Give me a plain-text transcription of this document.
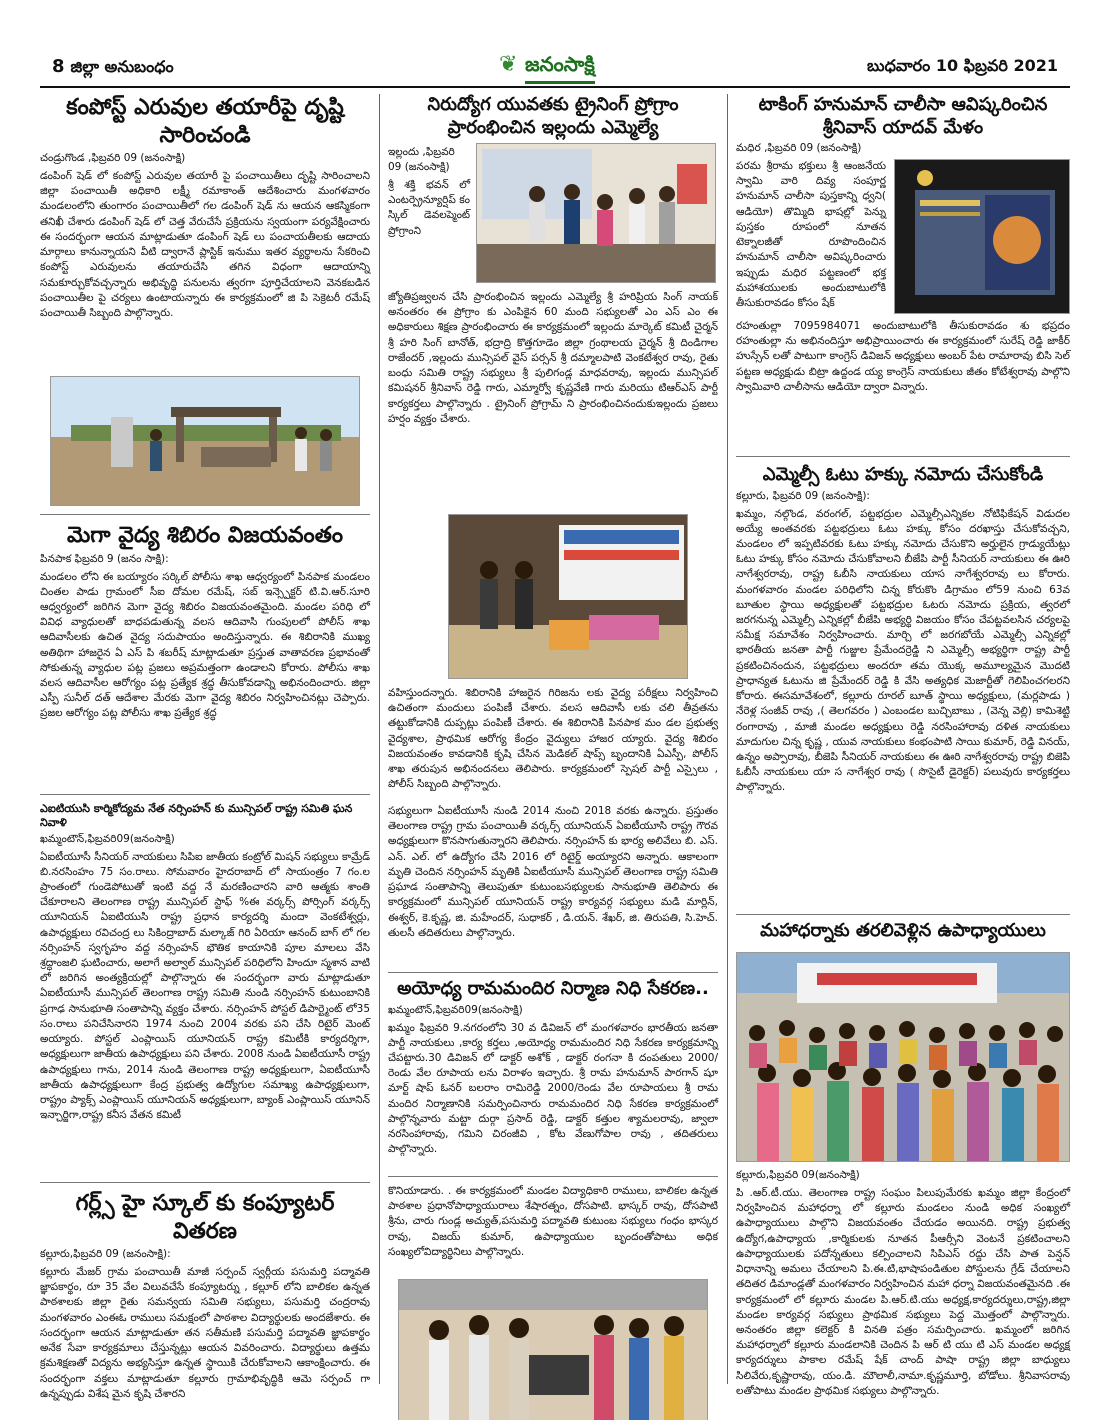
8 జిల్లా అనుబంధం	❦ జనంసాక్షి	బుధవారం 10 ఫిబ్రవరి 2021
కంపోస్ట్ ఎరువుల తయారీపై దృష్టి సారించండి
చండ్రుగొండ ,ఫిబ్రవరి 09 (జనంసాక్షి)
డంపింగ్ షెడ్ లో కంపోస్ట్ ఎరువుల తయారీ పై పంచాయితీలు దృష్టి సారించాలని జిల్లా పంచాయితీ అధికారి లక్ష్మీ రమాకాంత్ ఆదేశించారు మంగళవారం మండలంలోని తుంగారం పంచాయితీలో గల డంపింగ్ షెడ్ ను ఆయన ఆకస్మికంగా తనిఖీ చేశారు డంపింగ్ షెడ్ లో చెత్త వేరుచేసే ప్రక్రియను స్వయంగా పర్యవేక్షించారు ఈ సందర్భంగా ఆయన మాట్లాడుతూ డంపింగ్ షెడ్ లు పంచాయతీలకు ఆదాయ మార్గాలు కానున్నాయని వీటి ద్వారానే ప్లాస్టిక్ ఇనుము ఇతర వ్యర్థాలను సేకరించి కంపోస్ట్ ఎరువులను తయారుచేసి తగిన విధంగా ఆదాయాన్ని సమకూర్చుకోవచ్చన్నారు అభివృద్ధి పనులను త్వరగా పూర్తిచేయాలని వెనకబడిన పంచాయితీల పై చర్యలు ఉంటాయన్నారు ఈ కార్యక్రమంలో జి పి సెక్రెటరీ రమేష్ పంచాయితీ సిబ్బంది పాల్గొన్నారు.
మెగా వైద్య శిబిరం విజయవంతం
పినపాక ఫిబ్రవరి 9 (జనం సాక్షి):
మండలం లోని ఈ బయ్యారం సర్కిల్ పోలీసు శాఖ ఆధ్వర్యంలో పినపాక మండలం చింతల పాడు గ్రామంలో సీఐ దోమల రమేష్, సబ్ ఇన్స్పెక్టర్ టి.వి.ఆర్.సూరి ఆధ్వర్యంలో జరిగిన మెగా వైద్య శిబిరం విజయవంతమైంది. మండల పరిధి లో వివిధ వ్యాధులతో బాధపడుతున్న వలస ఆదివాసి గుంపులలో పోలీస్ శాఖ ఆదివాసీలకు ఉచిత వైద్య సదుపాయం అందిస్తున్నారు. ఈ శిబిరానికి ముఖ్య అతిథిగా హాజరైన ఏ ఎస్ పి శబరీష్ మాట్లాడుతూ ప్రస్తుత వాతావరణ ప్రభావంతో సోకుతున్న వ్యాధుల పట్ల ప్రజలు అప్రమత్తంగా ఉండాలని కోరారు. పోలీసు శాఖ వలస ఆదివాసీల ఆరోగ్యం పట్ల ప్రత్యేక శ్రద్ధ తీసుకోవడాన్ని అభినందించారు. జిల్లా ఎస్పీ సునీల్ దత్ ఆదేశాల మేరకు మెగా వైద్య శిబిరం నిర్వహించినట్లు చెప్పారు. ప్రజల ఆరోగ్యం పట్ల పోలీసు శాఖ ప్రత్యేక శ్రద్ధ
ఎఐటియుసి కార్మికోద్యమ నేత నర్సింహన్ కు మున్సిపల్ రాష్ట్ర సమితి ఘన నివాళి
ఖమ్మంటౌన్,ఫిబ్రవరి09(జనంసాక్షి)
ఏఐటీయూసీ సీనియర్ నాయకులు సిపిఐ జాతీయ కంట్రోల్ మిషన్ సభ్యులు కామ్రేడ్ బి.నరసింహం 75 సం.రాలు. సోమవారం హైదరాబాద్ లో సాయంత్రం 7 గం.ల ప్రాంతంలో గుండెపోటుతో ఇంటి వద్ద నే మరణించారని వారి ఆత్మకు శాంతి చేకూరాలని తెలంగాణ రాష్ట్ర మున్సిపల్ స్టాఫ్ %ఈ వర్కర్స్ పోర్సింగ్ వర్కర్స్ యూనియన్ ఏఐటియుసి రాష్ట్ర ప్రధాన కార్యదర్శి మందా వెంకటేశ్వర్లు, ఉపాధ్యక్షులు రవిచంద్ర లు సికింద్రాబాద్ మల్కాజ్ గిరి ఏరియా ఆనంద్ బాగ్ లో గల నర్సింహన్ స్వగృహం వద్ద నర్సింహన్ భౌతిక కాయానికి పూల మాలలు వేసి శ్రద్ధాంజలి ఘటించారు, అలాగే అల్వాల్ మున్సిపల్ పరిధిలోని హిందూ స్మశాన వాటి లో జరిగిన అంత్యక్రియల్లో పాల్గొన్నారు ఈ సందర్భంగా వారు మాట్లాడుతూ ఏఐటీయూసీ మున్సిపల్ తెలంగాణ రాష్ట్ర సమితి నుండి నర్సింహన్ కుటుంబానికి ప్రగాఢ సానుభూతి సంతాపాన్ని వ్యక్తం చేశారు. నర్సింహన్ పోస్టల్ డిపార్ట్మెంట్ లో35 సం.రాలు పనిచేసినారని 1974 నుంచి 2004 వరకు పని చేసి రిటైర్ మెంట్ అయ్యారు. పోస్టల్ ఎంప్లాయిస్ యూనియన్ రాష్ట్ర కమిటీకి కార్యదర్శిగా, అధ్యక్షులుగా జాతీయ ఉపాధ్యక్షులు పని చేశారు. 2008 నుండి ఏఐటీయూసీ రాష్ట్ర ఉపాధ్యక్షులు గాను, 2014 నుండి తెలంగాణ రాష్ట్ర అధ్యక్షులుగా, ఏఐటీయూసీ జాతీయ ఉపాధ్యక్షులుగా కేంద్ర ప్రభుత్వ ఉద్యోగుల సమాఖ్య ఉపాధ్యక్షులుగా, రాష్ట్రం ప్యాక్స్ ఎంప్లాయిస్ యూనియన్ అధ్యక్షులుగా, బ్యాంక్ ఎంప్లాయిస్ యూనిన్ ఇన్చార్జిగా,రాష్ట్ర కనీస వేతన కమిటీ
గర్ల్స్ హై స్కూల్ కు కంప్యూటర్ వితరణ
కల్లూరు,ఫిబ్రవరి 09 (జనంసాక్షి):
కల్లూరు మేజర్ గ్రామ పంచాయితీ మాజీ సర్పంచ్ స్వర్గీయ పసుమర్తి పద్మావతి జ్ఞాపకార్థం, రూ 35 వేల విలువచేసే కంప్యూటర్ను , కల్లూర్ లోని బాలికల ఉన్నత పాఠశాలకు జిల్లా రైతు సమన్వయ సమితి సభ్యులు, పసుమర్తి చంద్రరావు మంగళవారం ఎంఈఓ రాములు సమక్షంలో పాఠశాల విద్యార్థులకు అందజేశారు. ఈ సందర్భంగా ఆయన మాట్లాడుతూ తన సతీమణి పసుమర్తి పద్మావతి జ్ఞాపకార్థం అనేక సేవా కార్యక్రమాలు చేస్తున్నట్లు ఆయన వివరించారు. విద్యార్థులు ఉత్తమ క్రమశిక్షణతో విద్యను అభ్యసిస్తూ ఉన్నత స్థాయికి చేరుకోవాలని ఆకాంక్షించారు. ఈ సందర్భంగా వక్తలు మాట్లాడుతూ కల్లూరు గ్రామాభివృద్ధికి ఆమె సర్పంచ్ గా ఉన్నప్పుడు విశేష మైన కృషి చేశారని
నిరుద్యోగ యువతకు ట్రైనింగ్ ప్రోగ్రాం ప్రారంభించిన ఇల్లందు ఎమ్మెల్యే
ఇల్లందు ,ఫిబ్రవరి 09 (జనంసాక్షి)
శ్రీ శక్తి భవన్ లో ఎంటర్ప్రెన్యూర్షిప్ కం స్కిల్ డెవలప్మెంట్ ప్రోగ్రాంని
జ్యోతిప్రజ్వలన చేసి ప్రారంభించిన ఇల్లందు ఎమ్మెల్యే శ్రీ హరిప్రియ సింగ్ నాయక్ అనంతరం ఈ ప్రోగ్రాం కు ఎంపికైన 60 మంది సభ్యులతో ఎం ఎస్ ఎం ఈ అధికారులు శిక్షణ ప్రారంభించారు ఈ కార్యక్రమంలో ఇల్లందు మార్కెట్ కమిటీ చైర్మన్ శ్రీ హరి సింగ్ బానోత్, భద్రాద్రి కొత్తగూడెం జిల్లా గ్రంథాలయ చైర్మన్ శ్రీ దిండిగాల రాజేందర్ ,ఇల్లందు మున్సిపల్ వైస్ పర్సన్ శ్రీ దమ్మాలపాటి వెంకటేశ్వర రావు, రైతు బంధు సమితి రాష్ట్ర సభ్యులు శ్రీ పులిగండ్ల మాధవరావు, ఇల్లందు మున్సిపల్ కమిషనర్ శ్రీనివాస్ రెడ్డి గారు, ఎమ్మార్వో కృష్ణవేణి గారు మరియు టిఆర్ఎస్ పార్టీ కార్యకర్తలు పాల్గొన్నారు . ట్రైనింగ్ ప్రోగ్రామ్ ని ప్రారంభించినందుకుఇల్లందు ప్రజలు హర్షం వ్యక్తం చేశారు.
వహిస్తుందన్నారు. శిబిరానికి హాజరైన గిరిజను లకు వైద్య పరీక్షలు నిర్వహించి ఉచితంగా మందులు పంపిణీ చేశారు. వలస ఆదివాసీ లకు చలి తీవ్రతను తట్టుకోడానికి దుప్పట్లు పంపిణీ చేశారు. ఈ శిబిరానికి పినపాక మం డల ప్రభుత్వ వైద్యశాల, ప్రాథమిక ఆరోగ్య కేంద్రం వైద్యులు హాజర య్యారు. వైద్య శిబిరం విజయవంతం కావడానికి కృషి చేసిన మెడికల్ షాప్స్ బృందానికి ఏఎస్పీ, పోలీస్ శాఖ తరుపున అభినందనలు తెలిపారు. కార్యక్రమంలో స్పెషల్ పార్టీ ఎస్సైలు , పోలీస్ సిబ్బంది పాల్గొన్నారు.
సభ్యులుగా ఏఐటీయూసీ నుండి 2014 నుంచి 2018 వరకు ఉన్నారు. ప్రస్తుతం తెలంగాణ రాష్ట్ర గ్రామ పంచాయితీ వర్కర్స్ యూనియన్ ఏఐటీయూసి రాష్ట్ర గౌరవ అధ్యక్షులుగా కొనసాగుతున్నారని తెలిపారు. నర్సింహన్ కు భార్య అలివేలు బి. ఎస్. ఎన్. ఎల్. లో ఉద్యోగం చేసి 2016 లో రిటైర్డ్ అయ్యారని అన్నారు. ఆకాలంగా మృతి చెందిన నర్సింహన్ మృతికి ఏఐటీయూసీ మున్సిపల్ తెలంగాణ రాష్ట్ర సమితి ప్రఘాడ సంతాపాన్ని తెలుపుతూ కుటుంబసభ్యులకు సానుభూతి తెలిపారు ఈ కార్యక్రమంలో మున్సిపల్ యూనియన్ రాష్ట్ర కార్యవర్గ సభ్యులు మడి మార్లిన్, ఈశ్వర్, కె.కృష్ణ, జి. మహేందర్, సుధాకర్ , డి.యన్. శేఖర్, జి. తిరుపతి, సి.హెచ్. తులసీ తదితరులు పాల్గొన్నారు.
అయోధ్య రామమందిర నిర్మాణ నిధి సేకరణ..
ఖమ్మంటౌన్,ఫిబ్రవరి09(జనంసాక్షి)
ఖమ్మం ఫిబ్రవరి 9.నగరంలోని 30 వ డివిజన్ లో మంగళవారం భారతీయ జనతా పార్టీ నాయకులు ,కార్య కర్తలు ,అయోధ్య రామమందిర నిధి సేకరణ కార్యక్రమాన్ని చేపట్టారు.30 డివిజన్ లో డాక్టర్ అశోక్ , డాక్టర్ రంగనా కి దంపతులు 2000/ రెండు వేల రూపాయ లను విరాళం ఇచ్చారు. శ్రీ రామ హనుమాన్ పారగాన్ షూ మార్ట్ షాప్ ఓనర్ బలరాం రామిరెడ్డి 2000/రెండు వేల రూపాయలు శ్రీ రామ మందిర నిర్మాణానికి సమర్పించినారు రామమందిర నిధి సేకరణ కార్యక్రమంలో పాల్గొన్నవారు మట్టా దుర్గా ప్రసాద్ రెడ్డి, డాక్టర్ కత్తుల శ్యామలరావు, జ్వాలా నరసింహారావు, గమిని చిరంజీవి , కోట వేణుగోపాల రావు , తదితరులు పాల్గొన్నారు.
కొనియాడారు. . ఈ కార్యక్రమంలో మండల విద్యాధికారి రాములు, బాలికల ఉన్నత పాఠశాల ప్రధానోపాధ్యాయురాలు శేషారత్నం, దోసపాటి. భాస్కర్ రావు, దోసపాటి శ్రీను, చారు గుండ్ల అచ్యుత్,పసుమర్తి పద్మావతి కుటుంబ సభ్యులు గంధం భాస్కర రావు, విజయ్ కుమార్, ఉపాధ్యాయుల బృందంతోపాటు అధిక సంఖ్యలోవిద్యార్థినిలు పాల్గొన్నారు.
టాకింగ్ హనుమాన్ చాలీసా ఆవిష్కరించిన శ్రీనివాస్ యాదవ్ మేళం
మధిర ,ఫిబ్రవరి 09 (జనంసాక్షి)
పరమ శ్రీరామ భక్తులు శ్రీ ఆంజనేయ స్వామి వారి దివ్య సంపూర్ణ హనుమాన్ చాలీసా పుస్తకాన్ని ధ్వని( ఆడియో) తొమ్మిది భాషల్లో పెన్ను పుస్తకం రూపంలో నూతన టెక్నాలజీతో రూపొందించిన హనుమాన్ చాలీసా అవిష్కరించారు ఇప్పుడు మధిర పట్టణంలో భక్త మహాశయులకు అందుబాటులోకి తీసుకురావడం కోసం షేక్
రహంతుల్లా 7095984071 అందుబాటులోకి తీసుకురావడం శు భప్రదం రహంతుల్లా ను అభినందిస్తూ అభిప్రాయించారు ఈ కార్యక్రమంలో సురేష్ రెడ్డి జాకీర్ హుస్సేన్ లతో పాటుగా కాంగ్రెస్ డివిజన్ అధ్యక్షులు అంబర్ పేట రామారావు బిసి సెల్ పట్టణ అధ్యక్షుడు బిట్రా ఉద్దండ య్య కాంగ్రెస్ నాయకులు జీతం కోటేశ్వరావు పాల్గొని స్వామివారి చాలీసాను ఆడియో ద్వారా విన్నారు.
ఎమ్మెల్సీ ఓటు హక్కు నమోదు చేసుకోండి
కల్లూరు, ఫిబ్రవరి 09 (జనంసాక్షి):
ఖమ్మం, నల్గొండ, వరంగల్, పట్టభద్రుల ఎమ్మెల్సీఎన్నికల నోటిఫికేషన్ విడుదల అయ్యే అంతవరకు పట్టభద్రులు ఓటు హక్కు కోసం దరఖాస్తు చేసుకోవచ్చని, మండలం లో ఇప్పటివరకు ఓటు హక్కు నమోదు చేసుకొని అర్హులైన గ్రాడ్యుయేట్లు ఓటు హక్కు కోసం నమోదు చేసుకోవాలని బీజేపి పార్టీ సీనియర్ నాయకులు ఈ ఊరి నాగేశ్వరరావు, రాష్ట్ర ఓబీసి నాయకులు యాస నాగేశ్వరరావు లు కోరారు. మంగళవారం మండల పరిధిలోని చిన్న కోరుకొం డిగ్రామం లో59 నుంచి 63వ బూతుల స్థాయి అధ్యక్షులతో పట్టభద్రుల ఓటరు నమోదు ప్రక్రియ, త్వరలో జరగనున్న ఎమ్మెల్సీ ఎన్నికల్లో బీజేపి అభ్యర్థి విజయం కోసం చేపట్టవలసిన చర్యలపై సమీక్ష సమావేశం నిర్వహించారు. మార్చి లో జరగబోయే ఎమ్మెల్సీ ఎన్నికల్లో భారతీయ జనతా పార్టీ గుజ్జుల ప్రేమేందర్రెడ్డి ని ఎమ్మెల్సీ అభ్యర్థిగా రాష్ట్ర పార్టీ ప్రకటించినందున, పట్టభద్రులు అందరూ తమ యొక్క అమూల్యమైన మొదటి ప్రాధాన్యత ఓటును జి ప్రేమేందర్ రెడ్డి కి వేసి అత్యధిక మెజార్టీతో గెలిపించగలరని కోరారు. ఈసమావేశంలో, కల్లూరు రూరల్ బూత్ స్థాయి అధ్యక్షులు, (మర్లపాడు ) నేరెళ్ల సంజీవ్ రావు ,( తెలగవరం ) ఎంబండల బుచ్చిబాబు , (వెన్న వెల్లి) కామిశెట్టి రంగారావు , మాజీ మండల అధ్యక్షులు రెడ్డి నరసింహారావు దళిత నాయకులు మాదుగుల చిన్న కృష్ణ , యువ నాయకులు కంభంపాటి సాయి కుమార్, రెడ్డి వినయ్, ఉన్నం అప్పారావు, బీజెపి సీనియర్ నాయకులు ఈ ఊరి నాగేశ్వరరావు రాష్ట్ర బిజెపి ఓబీసీ నాయకులు యా స నాగేశ్వర రావు ( సొసైటీ డైరెక్టర్) పలువురు కార్యకర్తలు పాల్గొన్నారు.
మహాధర్నాకు తరలివెళ్లిన ఉపాధ్యాయులు
కల్లూరు,ఫిబ్రవరి 09(జనంసాక్షి)
పి .ఆర్.టీ.యు. తెలంగాణ రాష్ట్ర సంఘం పిలుపుమేరకు ఖమ్మం జిల్లా కేంద్రంలో నిర్వహించిన మహాధర్నా లో కల్లూరు మండలం నుండి అధిక సంఖ్యలో ఉపాధ్యాయులు పాల్గొని విజయవంతం చేయడం అయినది. రాష్ట్ర ప్రభుత్వ ఉద్యోగ,ఉపాధ్యాయ ,కార్మికులకు నూతన పీఆర్సీని వెంటనే ప్రకటించాలని ఉపాధ్యాయులకు పదోన్నతులు కల్పించాలని సిపిఎస్ రద్దు చేసి పాత పెన్షన్ విధానాన్ని అమలు చేయాలని పి.ఈ.టి,భాషాపండితుల పోస్టులను గ్రేడ్ చేయాలని తదితర డిమాండ్లతో మంగళవారం నిర్వహించిన మహా ధర్నా విజయవంతమైనది .ఈ కార్యక్రమంలో లో కల్లూరు మండల పి.ఆర్.టి.యు అధ్యక్ష,కార్యదర్శులు,రాష్ట్ర,జిల్లా మండల కార్యవర్గ సభ్యులు ప్రాథమిక సభ్యులు పెద్ద మొత్తంలో పాల్గొన్నారు. అనంతరం జిల్లా కలెక్టర్ కి వినతి పత్రం సమర్పించారు. ఖమ్మంలో జరిగిన మహాధర్నాలో కల్లూరు మండలానికి చెందిన పి ఆర్ టి యు టి ఎస్ మండల అధ్యక్ష కార్యదర్శులు పాకాల రమేష్ షేక్ చాంద్ పాషా రాష్ట్ర జిల్లా బాధ్యులు సిలివేరు,కృష్ణారావు, యం.డి. మౌలాలీ,నామా.కృష్ణమూర్తి, బోడోలు. శ్రీనివాసరావు లతోపాటు మండల ప్రాథమిక సభ్యులు పాల్గొన్నారు.
